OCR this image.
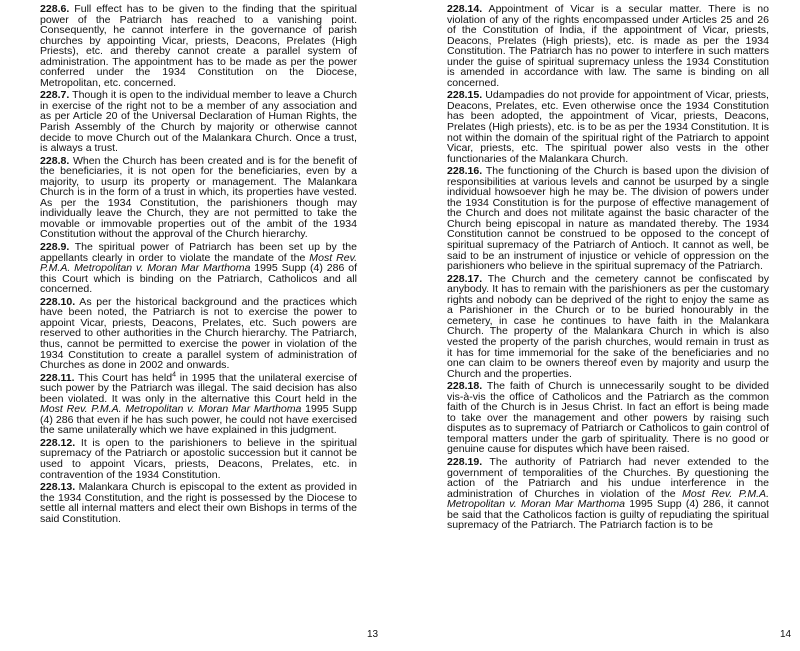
228.6. Full effect has to be given to the finding that the spiritual power of the Patriarch has reached to a vanishing point. Consequently, he cannot interfere in the governance of parish churches by appointing Vicar, priests, Deacons, Prelates (High Priests), etc. and thereby cannot create a parallel system of administration. The appointment has to be made as per the power conferred under the 1934 Constitution on the Diocese, Metropolitan, etc. concerned.

228.7. Though it is open to the individual member to leave a Church in exercise of the right not to be a member of any association and as per Article 20 of the Universal Declaration of Human Rights, the Parish Assembly of the Church by majority or otherwise cannot decide to move Church out of the Malankara Church. Once a trust, is always a trust.

228.8. When the Church has been created and is for the benefit of the beneficiaries, it is not open for the beneficiaries, even by a majority, to usurp its property or management. The Malankara Church is in the form of a trust in which, its properties have vested. As per the 1934 Constitution, the parishioners though may individually leave the Church, they are not permitted to take the movable or immovable properties out of the ambit of the 1934 Constitution without the approval of the Church hierarchy.

228.9. The spiritual power of Patriarch has been set up by the appellants clearly in order to violate the mandate of the Most Rev. P.M.A. Metropolitan v. Moran Mar Marthoma 1995 Supp (4) 286 of this Court which is binding on the Patriarch, Catholicos and all concerned.

228.10. As per the historical background and the practices which have been noted, the Patriarch is not to exercise the power to appoint Vicar, priests, Deacons, Prelates, etc. Such powers are reserved to other authorities in the Church hierarchy. The Patriarch, thus, cannot be permitted to exercise the power in violation of the 1934 Constitution to create a parallel system of administration of Churches as done in 2002 and onwards.

228.11. This Court has held$^4$ in 1995 that the unilateral exercise of such power by the Patriarch was illegal. The said decision has also been violated. It was only in the alternative this Court held in the Most Rev. P.M.A. Metropolitan v. Moran Mar Marthoma 1995 Supp (4) 286 that even if he has such power, he could not have exercised the same unilaterally which we have explained in this judgment.

228.12. It is open to the parishioners to believe in the spiritual supremacy of the Patriarch or apostolic succession but it cannot be used to appoint Vicars, priests, Deacons, Prelates, etc. in contravention of the 1934 Constitution.

228.13. Malankara Church is episcopal to the extent as provided in the 1934 Constitution, and the right is possessed by the Diocese to settle all internal matters and elect their own Bishops in terms of the said Constitution.

13

228.14. Appointment of Vicar is a secular matter. There is no violation of any of the rights encompassed under Articles 25 and 26 of the Constitution of India, if the appointment of Vicar, priests, Deacons, Prelates (High priests), etc. is made as per the 1934 Constitution. The Patriarch has no power to interfere in such matters under the guise of spiritual supremacy unless the 1934 Constitution is amended in accordance with law. The same is binding on all concerned.

228.15. Udampadies do not provide for appointment of Vicar, priests, Deacons, Prelates, etc. Even otherwise once the 1934 Constitution has been adopted, the appointment of Vicar, priests, Deacons, Prelates (High priests), etc. is to be as per the 1934 Constitution. It is not within the domain of the spiritual right of the Patriarch to appoint Vicar, priests, etc. The spiritual power also vests in the other functionaries of the Malankara Church.

228.16. The functioning of the Church is based upon the division of responsibilities at various levels and cannot be usurped by a single individual howsoever high he may be. The division of powers under the 1934 Constitution is for the purpose of effective management of the Church and does not militate against the basic character of the Church being episcopal in nature as mandated thereby. The 1934 Constitution cannot be construed to be opposed to the concept of spiritual supremacy of the Patriarch of Antioch. It cannot as well, be said to be an instrument of injustice or vehicle of oppression on the parishioners who believe in the spiritual supremacy of the Patriarch.

228.17. The Church and the cemetery cannot be confiscated by anybody. It has to remain with the parishioners as per the customary rights and nobody can be deprived of the right to enjoy the same as a Parishioner in the Church or to be buried honourably in the cemetery, in case he continues to have faith in the Malankara Church. The property of the Malankara Church in which is also vested the property of the parish churches, would remain in trust as it has for time immemorial for the sake of the beneficiaries and no one can claim to be owners thereof even by majority and usurp the Church and the properties.

228.18. The faith of Church is unnecessarily sought to be divided vis-à-vis the office of Catholicos and the Patriarch as the common faith of the Church is in Jesus Christ. In fact an effort is being made to take over the management and other powers by raising such disputes as to supremacy of Patriarch or Catholicos to gain control of temporal matters under the garb of spirituality. There is no good or genuine cause for disputes which have been raised.

228.19. The authority of Patriarch had never extended to the government of temporalities of the Churches. By questioning the action of the Patriarch and his undue interference in the administration of Churches in violation of the Most Rev. P.M.A. Metropolitan v. Moran Mar Marthoma 1995 Supp (4) 286, it cannot be said that the Catholicos faction is guilty of repudiating the spiritual supremacy of the Patriarch. The Patriarch faction is to be

14
